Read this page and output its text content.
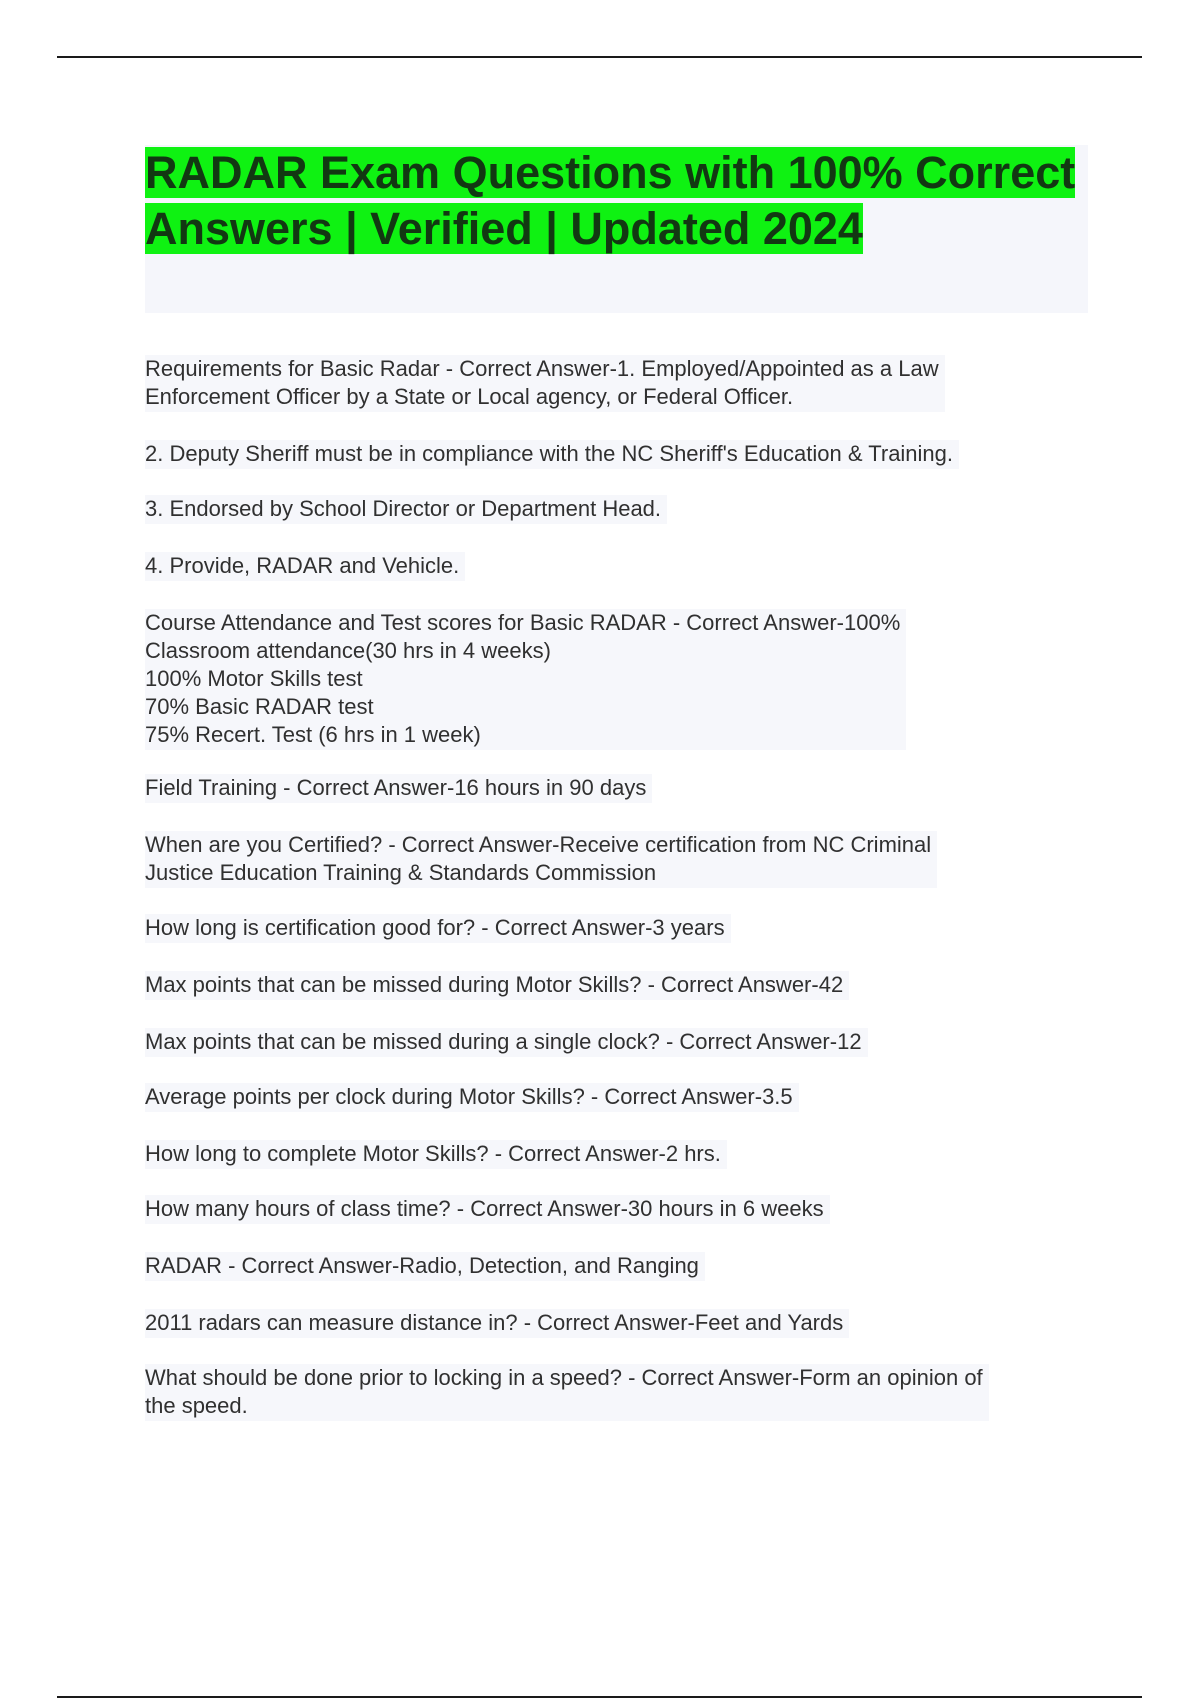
RADAR Exam Questions with 100% Correct Answers | Verified | Updated 2024

Requirements for Basic Radar - Correct Answer-1. Employed/Appointed as a Law
Enforcement Officer by a State or Local agency, or Federal Officer.

2. Deputy Sheriff must be in compliance with the NC Sheriff's Education & Training.

3. Endorsed by School Director or Department Head.

4. Provide, RADAR and Vehicle.

Course Attendance and Test scores for Basic RADAR - Correct Answer-100%
Classroom attendance(30 hrs in 4 weeks)
100% Motor Skills test
70% Basic RADAR test
75% Recert. Test (6 hrs in 1 week)

Field Training - Correct Answer-16 hours in 90 days

When are you Certified? - Correct Answer-Receive certification from NC Criminal
Justice Education Training & Standards Commission

How long is certification good for? - Correct Answer-3 years

Max points that can be missed during Motor Skills? - Correct Answer-42

Max points that can be missed during a single clock? - Correct Answer-12

Average points per clock during Motor Skills? - Correct Answer-3.5

How long to complete Motor Skills? - Correct Answer-2 hrs.

How many hours of class time? - Correct Answer-30 hours in 6 weeks

RADAR - Correct Answer-Radio, Detection, and Ranging

2011 radars can measure distance in? - Correct Answer-Feet and Yards

What should be done prior to locking in a speed? - Correct Answer-Form an opinion of
the speed.
